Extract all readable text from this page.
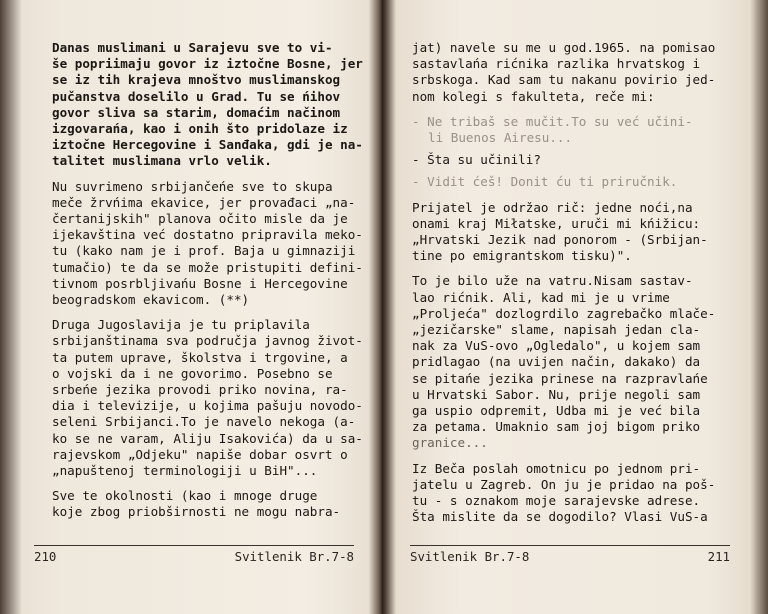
Danas muslimani u Sarajevu sve to vi-
še popriimaju govor iz iztočne Bosne, jer
se iz tih krajeva mnoštvo muslimanskog
pučanstva doselilo u Grad. Tu se ńihov
govor sliva sa starim, domaćim načinom
izgovarańa, kao i onih što pridolaze iz
iztočne Hercegovine i Sanđaka, gdi je na-
talitet muslimana vrlo velik.

Nu suvrimeno srbijančeńe sve to skupa
meče žrvńima ekavice, jer provađaci „na-
čertanijskih" planova očito misle da je
ijekavština već dostatno pripravila meko-
tu (kako nam je i prof. Baja u gimnaziji
tumačio) te da se može pristupiti defini-
tivnom posrbljivańu Bosne i Hercegovine
beogradskom ekavicom. (**)

Druga Jugoslavija je tu priplavila
srbijanštinama sva područja javnog život-
ta putem uprave, školstva i trgovine, a
o vojski da i ne govorimo. Posebno se
srbeńe jezika provodi priko novina, ra-
dia i televizije, u kojima pašuju novodo-
seleni Srbijanci.To je navelo nekoga (a-
ko se ne varam, Aliju Isakovića) da u sa-
rajevskom „Odjeku" napiše dobar osvrt o
„napuštenoj terminologiji u BiH"...

Sve te okolnosti (kao i mnoge druge
koje zbog priobširnosti ne mogu nabra-

210	Svitlenik Br.7-8

jat) navele su me u god.1965. na pomisao
sastavlańa rićnika razlika hrvatskog i
srbskoga. Kad sam tu nakanu povirio jed-
nom kolegi s fakulteta, reče mi:

- Ne tribaš se mučit.To su već učini-
li Buenos Airesu...
- Šta su učinili?
- Vidit ćeš! Donit ću ti priručnik.

Prijatel je održao rič: jedne noći,na
onami kraj Miłatske, uruči mi kńižicu:
„Hrvatski Jezik nad ponorom - (Srbijan-
tine po emigrantskom tisku)".

To je bilo uže na vatru.Nisam sastav-
lao rićnik. Ali, kad mi je u vrime
„Proljeća" dozlogrdilo zagrebačko mlače-
„jezičarske" slame, napisah jedan cla-
nak za VuS-ovo „Ogledalo", u kojem sam
pridlagao (na uvijen način, dakako) da
se pitańe jezika prinese na razpravlańe
u Hrvatski Sabor. Nu, prije negoli sam
ga uspio odpremit, Udba mi je već bila
za petama. Umaknio sam joj bigom priko
granice...

Iz Beča poslah omotnicu po jednom pri-
jatelu u Zagreb. On ju je pridao na poš-
tu - s oznakom moje sarajevske adrese.
Šta mislite da se dogodilo? Vlasi VuS-a

Svitlenik Br.7-8	211
